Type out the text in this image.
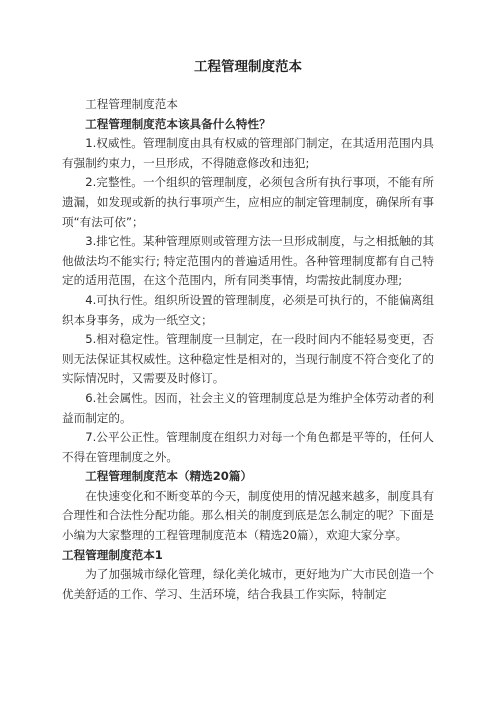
工程管理制度范本

工程管理制度范本

工程管理制度范本该具备什么特性？

1.权威性。管理制度由具有权威的管理部门制定，在其适用范围内具有强制约束力，一旦形成，不得随意修改和违犯;

2.完整性。一个组织的管理制度，必须包含所有执行事项，不能有所遗漏，如发现或新的执行事项产生，应相应的制定管理制度，确保所有事项“有法可依”；

3.排它性。某种管理原则或管理方法一旦形成制度，与之相抵触的其他做法均不能实行; 特定范围内的普遍适用性。各种管理制度都有自己特定的适用范围，在这个范围内，所有同类事情，均需按此制度办理;

4.可执行性。组织所设置的管理制度，必须是可执行的，不能偏离组织本身事务，成为一纸空文；

5.相对稳定性。管理制度一旦制定，在一段时间内不能轻易变更，否则无法保证其权威性。这种稳定性是相对的，当现行制度不符合变化了的实际情况时，又需要及时修订。

6.社会属性。因而，社会主义的管理制度总是为维护全体劳动者的利益而制定的。

7.公平公正性。管理制度在组织力对每一个角色都是平等的，任何人不得在管理制度之外。

工程管理制度范本（精选20篇）

在快速变化和不断变革的今天，制度使用的情况越来越多，制度具有合理性和合法性分配功能。那么相关的制度到底是怎么制定的呢？下面是小编为大家整理的工程管理制度范本（精选20篇），欢迎大家分享。

工程管理制度范本1

为了加强城市绿化管理，绿化美化城市，更好地为广大市民创造一个优美舒适的工作、学习、生活环境，结合我县工作实际，特制定
